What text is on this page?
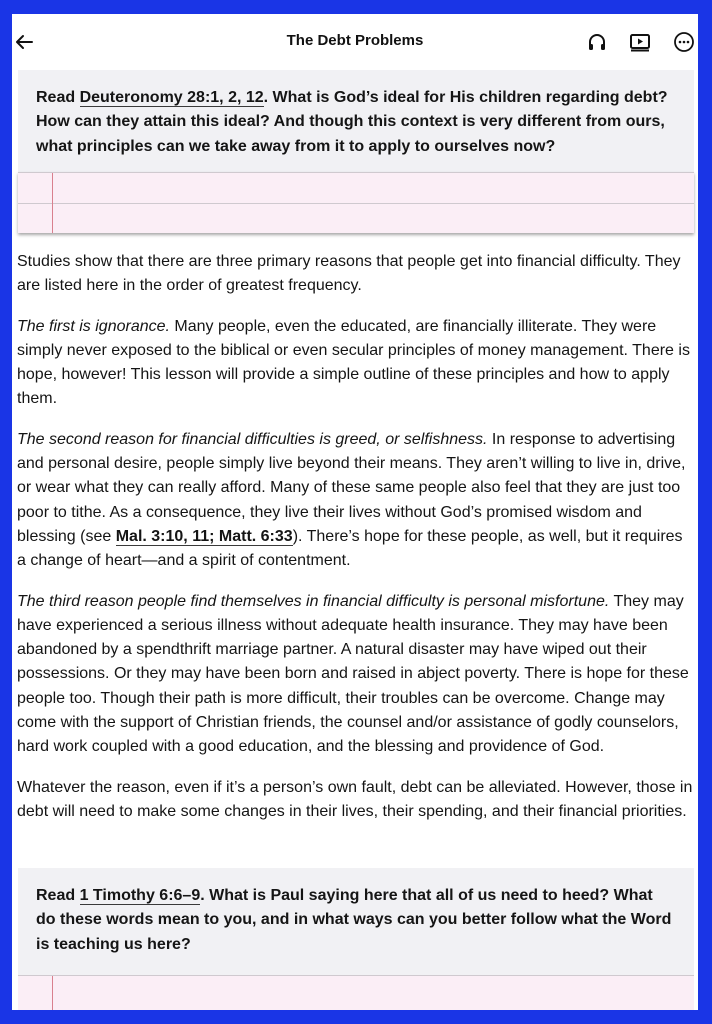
The Debt Problems
Read Deuteronomy 28:1, 2, 12. What is God’s ideal for His children regarding debt? How can they attain this ideal? And though this context is very different from ours, what principles can we take away from it to apply to ourselves now?

Studies show that there are three primary reasons that people get into financial difficulty. They are listed here in the order of greatest frequency.

The first is ignorance. Many people, even the educated, are financially illiterate. They were simply never exposed to the biblical or even secular principles of money management. There is hope, however! This lesson will provide a simple outline of these principles and how to apply them.

The second reason for financial difficulties is greed, or selfishness. In response to advertising and personal desire, people simply live beyond their means. They aren’t willing to live in, drive, or wear what they can really afford. Many of these same people also feel that they are just too poor to tithe. As a consequence, they live their lives without God’s promised wisdom and blessing (see Mal. 3:10, 11; Matt. 6:33). There’s hope for these people, as well, but it requires a change of heart—and a spirit of contentment.

The third reason people find themselves in financial difficulty is personal misfortune. They may have experienced a serious illness without adequate health insurance. They may have been abandoned by a spendthrift marriage partner. A natural disaster may have wiped out their possessions. Or they may have been born and raised in abject poverty. There is hope for these people too. Though their path is more difficult, their troubles can be overcome. Change may come with the support of Christian friends, the counsel and/or assistance of godly counselors, hard work coupled with a good education, and the blessing and providence of God.

Whatever the reason, even if it’s a person’s own fault, debt can be alleviated. However, those in debt will need to make some changes in their lives, their spending, and their financial priorities.

Read 1 Timothy 6:6–9. What is Paul saying here that all of us need to heed? What do these words mean to you, and in what ways can you better follow what the Word is teaching us here?
